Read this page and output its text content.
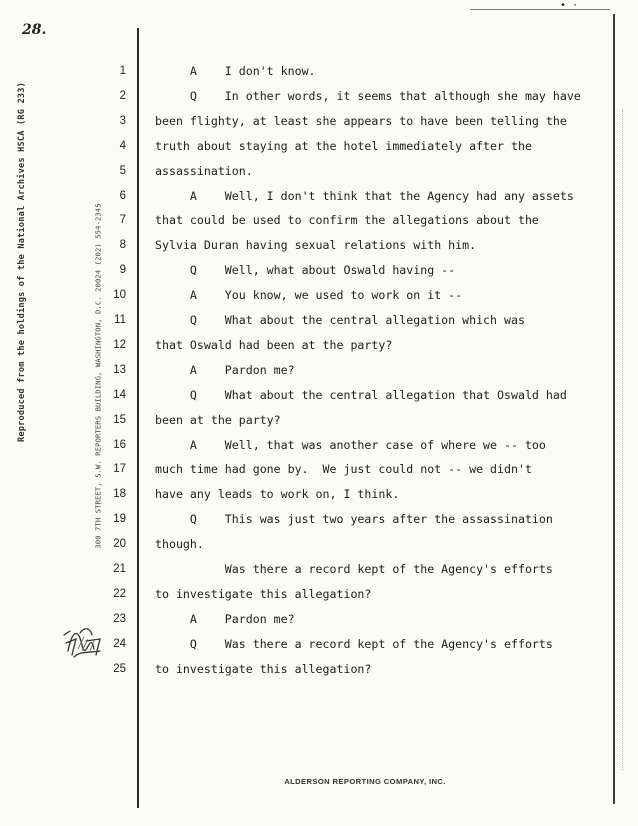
28.
Reproduced from the holdings of the National Archives HSCA (RG 233)	300 7TH STREET, S.W. REPORTERS BUILDING, WASHINGTON, D.C. 20024 (202) 554-2345
• ·
1	A    I don't know.
2	Q    In other words, it seems that although she may have
3	been flighty, at least she appears to have been telling the
4	truth about staying at the hotel immediately after the
5	assassination.
6	A    Well, I don't think that the Agency had any assets
7	that could be used to confirm the allegations about the
8	Sylvia Duran having sexual relations with him.
9	Q    Well, what about Oswald having --
10	A    You know, we used to work on it --
11	Q    What about the central allegation which was
12	that Oswald had been at the party?
13	A    Pardon me?
14	Q    What about the central allegation that Oswald had
15	been at the party?
16	A    Well, that was another case of where we -- too
17	much time had gone by.  We just could not -- we didn't
18	have any leads to work on, I think.
19	Q    This was just two years after the assassination
20	though.
21	Was there a record kept of the Agency's efforts
22	to investigate this allegation?
23	A    Pardon me?
24	Q    Was there a record kept of the Agency's efforts
25	to investigate this allegation?
ALDERSON REPORTING COMPANY, INC.
